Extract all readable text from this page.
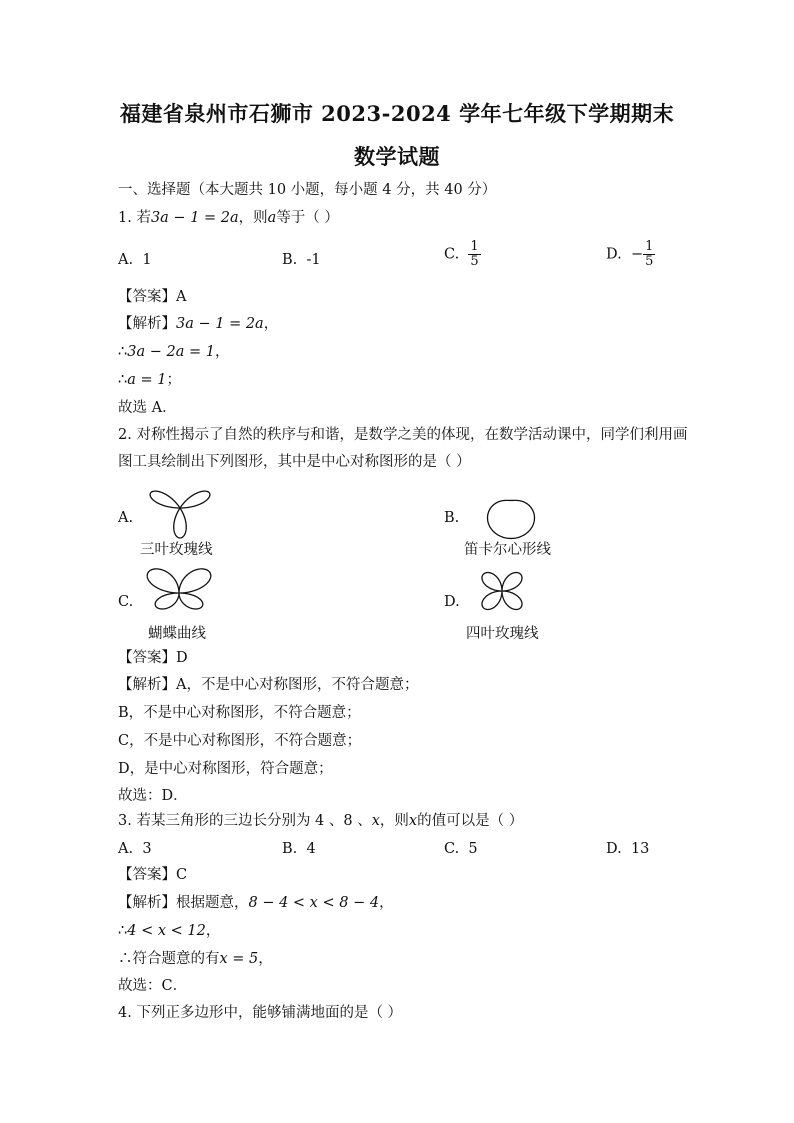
福建省泉州市石狮市 2023-2024 学年七年级下学期期末
数学试题
一、选择题（本大题共 10 小题，每小题 4 分，共 40 分）
1. 若3a − 1 = 2a，则a等于（ ）
A. 1	B. -1	C. $\frac{1}{5}$	D. − $\frac{1}{5}$
【答案】A
【解析】3a − 1 = 2a，
∴3a − 2a = 1，
∴a = 1；
故选 A．
2. 对称性揭示了自然的秩序与和谐，是数学之美的体现，在数学活动课中，同学们利用画
图工具绘制出下列图形，其中是中心对称图形的是（ ）
A.
三叶玫瑰线
B.
笛卡尔心形线
C.
蝴蝶曲线
D.
四叶玫瑰线
【答案】D
【解析】A，不是中心对称图形，不符合题意；
B，不是中心对称图形，不符合题意；
C，不是中心对称图形，不符合题意；
D，是中心对称图形，符合题意；
故选：D．
3. 若某三角形的三边长分别为 4 、8 、x，则x的值可以是（ ）
A. 3	B. 4	C. 5	D. 13
【答案】C
【解析】根据题意，8 − 4 < x < 8 − 4，
∴4 < x < 12，
∴符合题意的有x = 5，
故选：C．
4. 下列正多边形中，能够铺满地面的是（ ）
